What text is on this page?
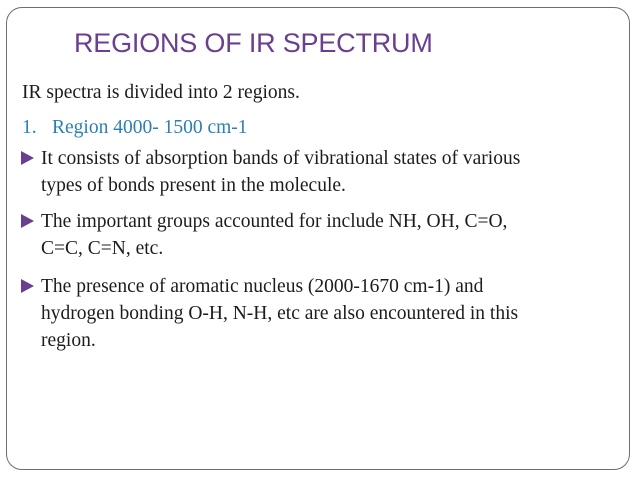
REGIONS OF IR SPECTRUM
IR spectra is divided into 2 regions.
1. Region 4000- 1500 cm-1
It consists of absorption bands of vibrational states of various
types of bonds present in the molecule.
The important groups accounted for include NH, OH, C=O,
C=C, C=N, etc.
The presence of aromatic nucleus (2000-1670 cm-1) and
hydrogen bonding O-H, N-H, etc are also encountered in this
region.
